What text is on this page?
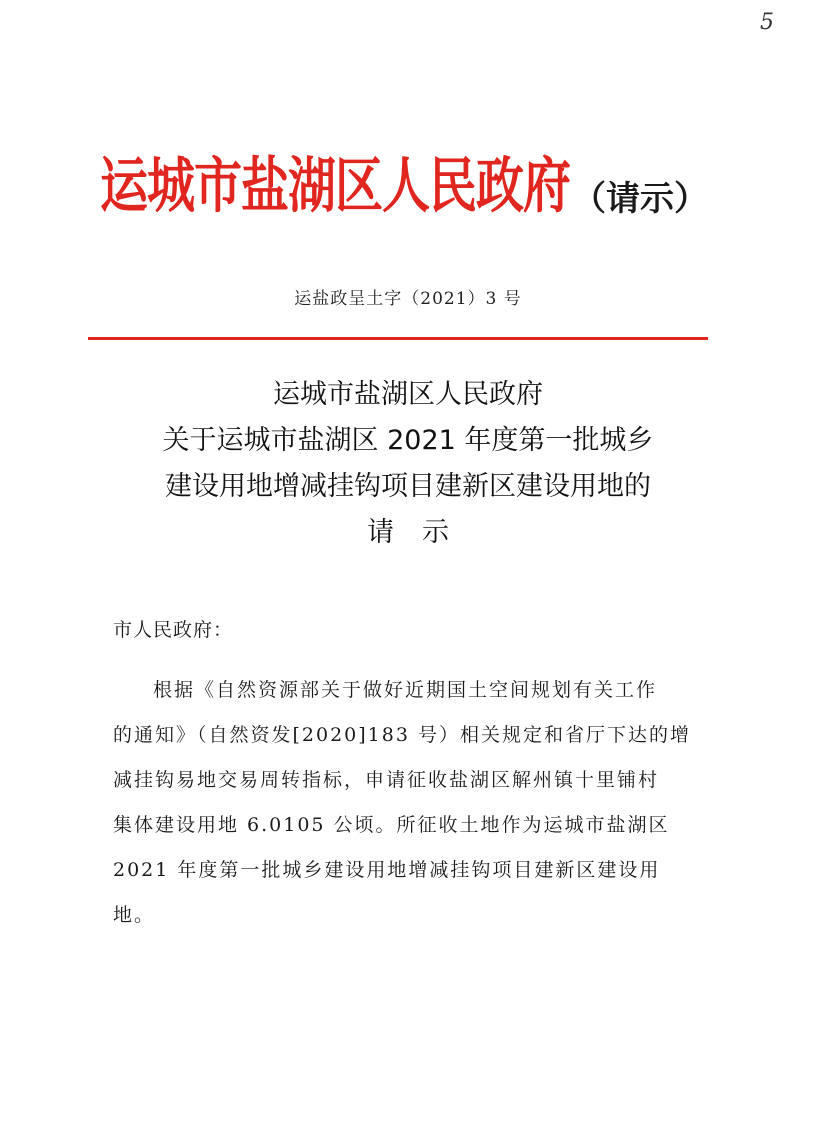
5
运城市盐湖区人民政府（请示）
运盐政呈土字（2021）3 号
运城市盐湖区人民政府
关于运城市盐湖区 2021 年度第一批城乡
建设用地增减挂钩项目建新区建设用地的
请示
市人民政府：
根据《自然资源部关于做好近期国土空间规划有关工作
的通知》（自然资发[2020]183 号）相关规定和省厅下达的增
减挂钩易地交易周转指标，申请征收盐湖区解州镇十里铺村
集体建设用地 6.0105 公顷。所征收土地作为运城市盐湖区
2021 年度第一批城乡建设用地增减挂钩项目建新区建设用
地。
